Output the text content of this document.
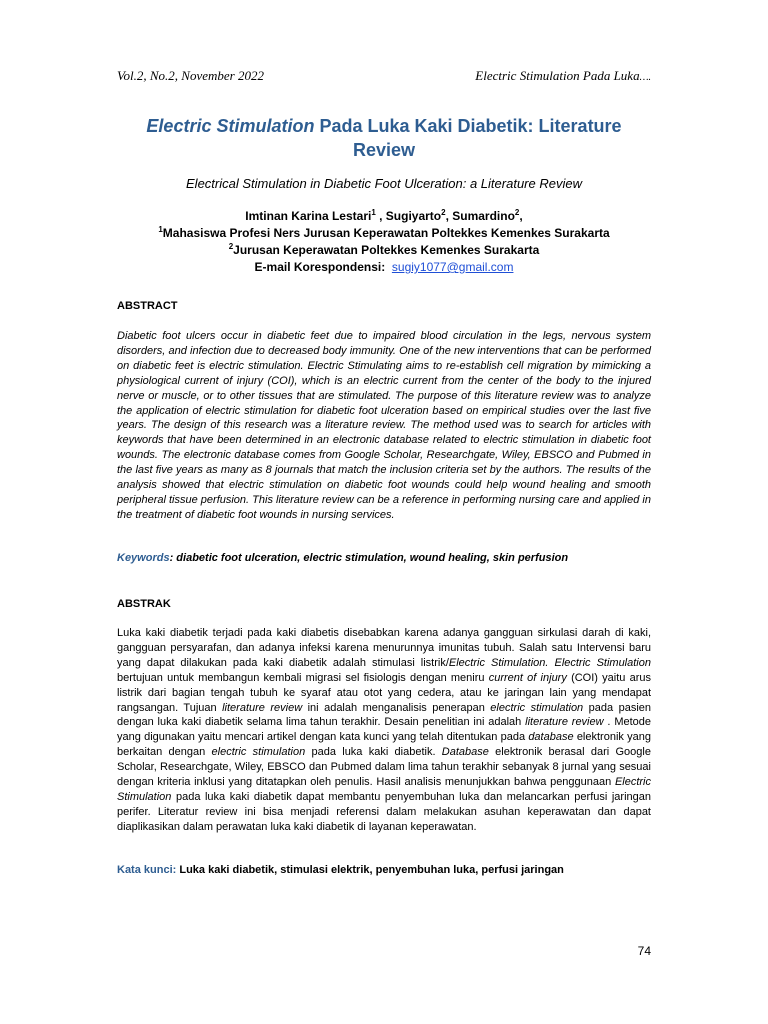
Vol.2, No.2, November 2022	Electric Stimulation Pada Luka….
Electric Stimulation Pada Luka Kaki Diabetik: Literature Review
Electrical Stimulation in Diabetic Foot Ulceration: a Literature Review
Imtinan Karina Lestari$^1$ , Sugiyarto$^2$, Sumardino$^2$,
$^1$Mahasiswa Profesi Ners Jurusan Keperawatan Poltekkes Kemenkes Surakarta
$^2$Jurusan Keperawatan Poltekkes Kemenkes Surakarta
E-mail Korespondensi: sugiy1077@gmail.com
ABSTRACT
Diabetic foot ulcers occur in diabetic feet due to impaired blood circulation in the legs, nervous system disorders, and infection due to decreased body immunity. One of the new interventions that can be performed on diabetic feet is electric stimulation. Electric Stimulating aims to re-establish cell migration by mimicking a physiological current of injury (COI), which is an electric current from the center of the body to the injured nerve or muscle, or to other tissues that are stimulated. The purpose of this literature review was to analyze the application of electric stimulation for diabetic foot ulceration based on empirical studies over the last five years. The design of this research was a literature review. The method used was to search for articles with keywords that have been determined in an electronic database related to electric stimulation in diabetic foot wounds. The electronic database comes from Google Scholar, Researchgate, Wiley, EBSCO and Pubmed in the last five years as many as 8 journals that match the inclusion criteria set by the authors. The results of the analysis showed that electric stimulation on diabetic foot wounds could help wound healing and smooth peripheral tissue perfusion. This literature review can be a reference in performing nursing care and applied in the treatment of diabetic foot wounds in nursing services.
Keywords: diabetic foot ulceration, electric stimulation, wound healing, skin perfusion
ABSTRAK
Luka kaki diabetik terjadi pada kaki diabetis disebabkan karena adanya gangguan sirkulasi darah di kaki, gangguan persyarafan, dan adanya infeksi karena menurunnya imunitas tubuh. Salah satu Intervensi baru yang dapat dilakukan pada kaki diabetik adalah stimulasi listrik/Electric Stimulation. Electric Stimulation bertujuan untuk membangun kembali migrasi sel fisiologis dengan meniru current of injury (COI) yaitu arus listrik dari bagian tengah tubuh ke syaraf atau otot yang cedera, atau ke jaringan lain yang mendapat rangsangan. Tujuan literature review ini adalah menganalisis penerapan electric stimulation pada pasien dengan luka kaki diabetik selama lima tahun terakhir. Desain penelitian ini adalah literature review . Metode yang digunakan yaitu mencari artikel dengan kata kunci yang telah ditentukan pada database elektronik yang berkaitan dengan electric stimulation pada luka kaki diabetik. Database elektronik berasal dari Google Scholar, Researchgate, Wiley, EBSCO dan Pubmed dalam lima tahun terakhir sebanyak 8 jurnal yang sesuai dengan kriteria inklusi yang ditatapkan oleh penulis. Hasil analisis menunjukkan bahwa penggunaan Electric Stimulation pada luka kaki diabetik dapat membantu penyembuhan luka dan melancarkan perfusi jaringan perifer. Literatur review ini bisa menjadi referensi dalam melakukan asuhan keperawatan dan dapat diaplikasikan dalam perawatan luka kaki diabetik di layanan keperawatan.
Kata kunci: Luka kaki diabetik, stimulasi elektrik, penyembuhan luka, perfusi jaringan
74
